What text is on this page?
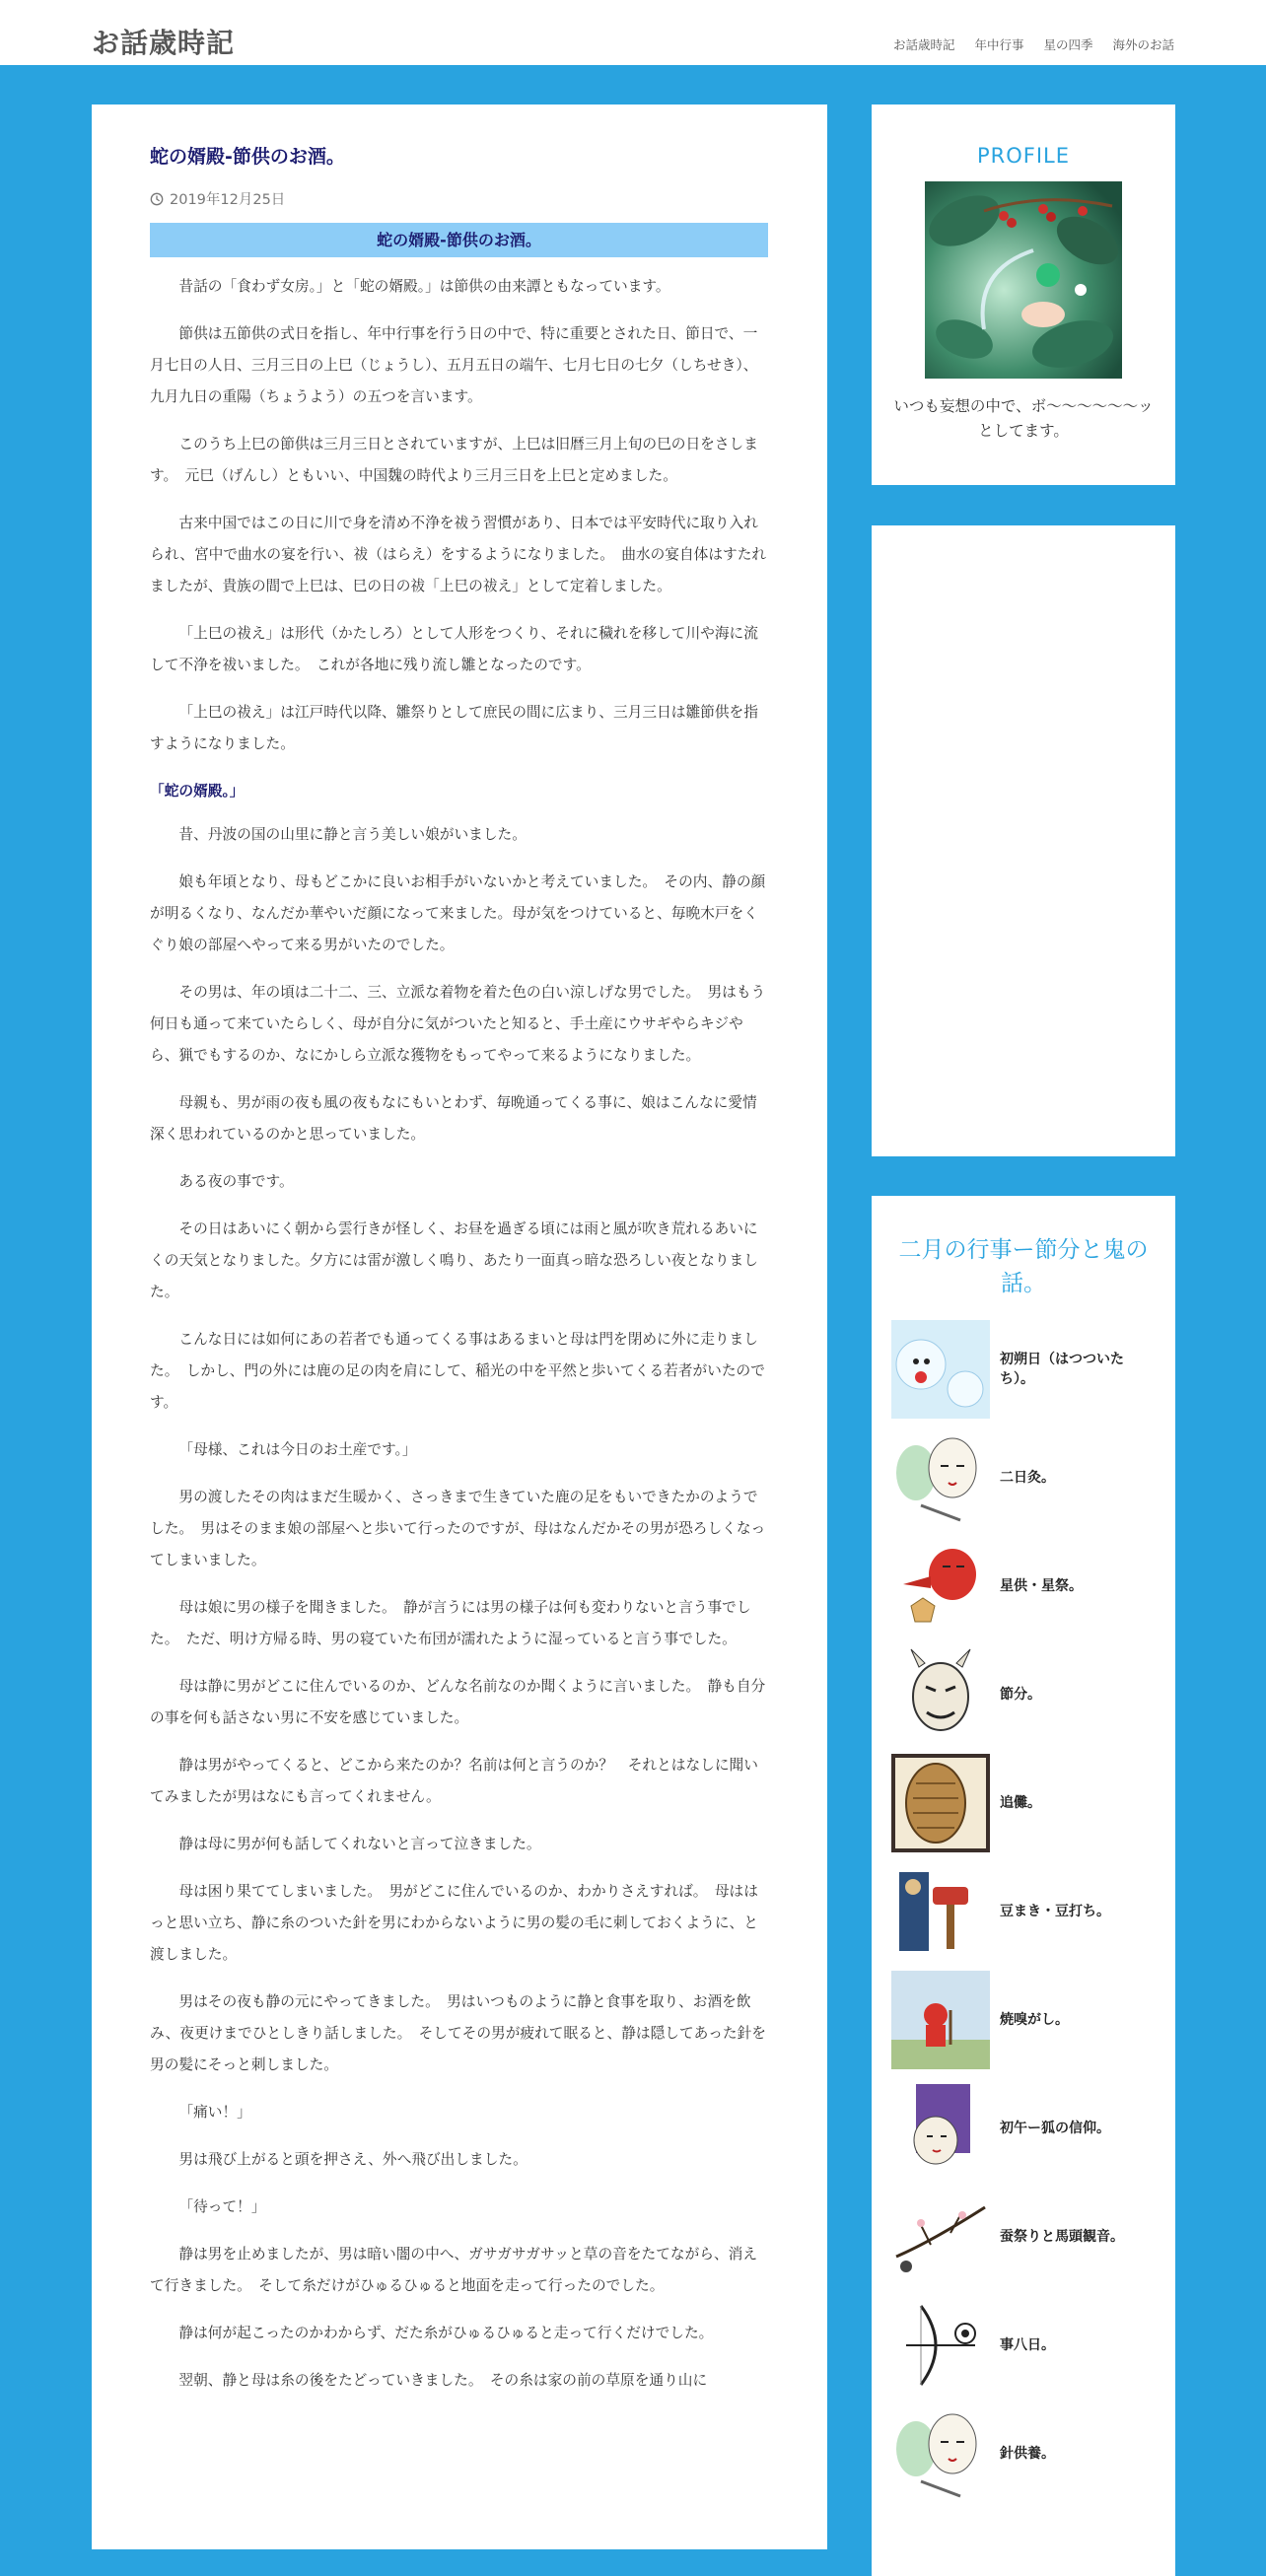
お話歳時記	お話歳時記 年中行事 星の四季 海外のお話
蛇の婿殿-節供のお酒。
2019年12月25日
蛇の婿殿-節供のお酒。

昔話の「食わず女房。」と「蛇の婿殿。」は節供の由来譚ともなっています。

節供は五節供の式日を指し、年中行事を行う日の中で、特に重要とされた日、節日で、一月七日の人日、三月三日の上巳（じょうし）、五月五日の端午、七月七日の七夕（しちせき）、九月九日の重陽（ちょうよう）の五つを言います。

このうち上巳の節供は三月三日とされていますが、上巳は旧暦三月上旬の巳の日をさします。　元巳（げんし）ともいい、中国魏の時代より三月三日を上巳と定めました。

古来中国ではこの日に川で身を清め不浄を祓う習慣があり、日本では平安時代に取り入れられ、宮中で曲水の宴を行い、祓（はらえ）をするようになりました。　曲水の宴自体はすたれましたが、貴族の間で上巳は、巳の日の祓「上巳の祓え」として定着しました。

「上巳の祓え」は形代（かたしろ）として人形をつくり、それに穢れを移して川や海に流して不浄を祓いました。　これが各地に残り流し雛となったのです。

「上巳の祓え」は江戸時代以降、雛祭りとして庶民の間に広まり、三月三日は雛節供を指すようになりました。

「蛇の婿殿。」

昔、丹波の国の山里に静と言う美しい娘がいました。

娘も年頃となり、母もどこかに良いお相手がいないかと考えていました。　その内、静の顔が明るくなり、なんだか華やいだ顔になって来ました。母が気をつけていると、毎晩木戸をくぐり娘の部屋へやって来る男がいたのでした。

その男は、年の頃は二十二、三、立派な着物を着た色の白い涼しげな男でした。　男はもう何日も通って来ていたらしく、母が自分に気がついたと知ると、手土産にウサギやらキジやら、猟でもするのか、なにかしら立派な獲物をもってやって来るようになりました。

母親も、男が雨の夜も風の夜もなにもいとわず、毎晩通ってくる事に、娘はこんなに愛情深く思われているのかと思っていました。

ある夜の事です。

その日はあいにく朝から雲行きが怪しく、お昼を過ぎる頃には雨と風が吹き荒れるあいにくの天気となりました。夕方には雷が激しく鳴り、あたり一面真っ暗な恐ろしい夜となりました。

こんな日には如何にあの若者でも通ってくる事はあるまいと母は門を閉めに外に走りました。　しかし、門の外には鹿の足の肉を肩にして、稲光の中を平然と歩いてくる若者がいたのです。

「母様、これは今日のお土産です。」

男の渡したその肉はまだ生暖かく、さっきまで生きていた鹿の足をもいできたかのようでした。　男はそのまま娘の部屋へと歩いて行ったのですが、母はなんだかその男が恐ろしくなってしまいました。

母は娘に男の様子を聞きました。　静が言うには男の様子は何も変わりないと言う事でした。　ただ、明け方帰る時、男の寝ていた布団が濡れたように湿っていると言う事でした。

母は静に男がどこに住んでいるのか、どんな名前なのか聞くように言いました。　静も自分の事を何も話さない男に不安を感じていました。

静は男がやってくると、どこから来たのか？名前は何と言うのか？　それとはなしに聞いてみましたが男はなにも言ってくれません。

静は母に男が何も話してくれないと言って泣きました。

母は困り果ててしまいました。　男がどこに住んでいるのか、わかりさえすれば。　母ははっと思い立ち、静に糸のついた針を男にわからないように男の髪の毛に刺しておくように、と渡しました。

男はその夜も静の元にやってきました。　男はいつものように静と食事を取り、お酒を飲み、夜更けまでひとしきり話しました。　そしてその男が疲れて眠ると、静は隠してあった針を男の髪にそっと刺しました。

「痛い！」

男は飛び上がると頭を押さえ、外へ飛び出しました。

「待って！」

静は男を止めましたが、男は暗い闇の中へ、ガサガサガサッと草の音をたてながら、消えて行きました。　そして糸だけがひゅるひゅると地面を走って行ったのでした。

静は何が起こったのかわからず、だた糸がひゅるひゅると走って行くだけでした。

翌朝、静と母は糸の後をたどっていきました。　その糸は家の前の草原を通り山に

PROFILE
いつも妄想の中で、ボ〜〜〜〜〜〜ッとしてます。
二月の行事ー節分と鬼の話。
初朔日（はつついたち）。
二日灸。
星供・星祭。
節分。
追儺。
豆まき・豆打ち。
焼嗅がし。
初午ー狐の信仰。
蚕祭りと馬頭観音。
事八日。
針供養。
